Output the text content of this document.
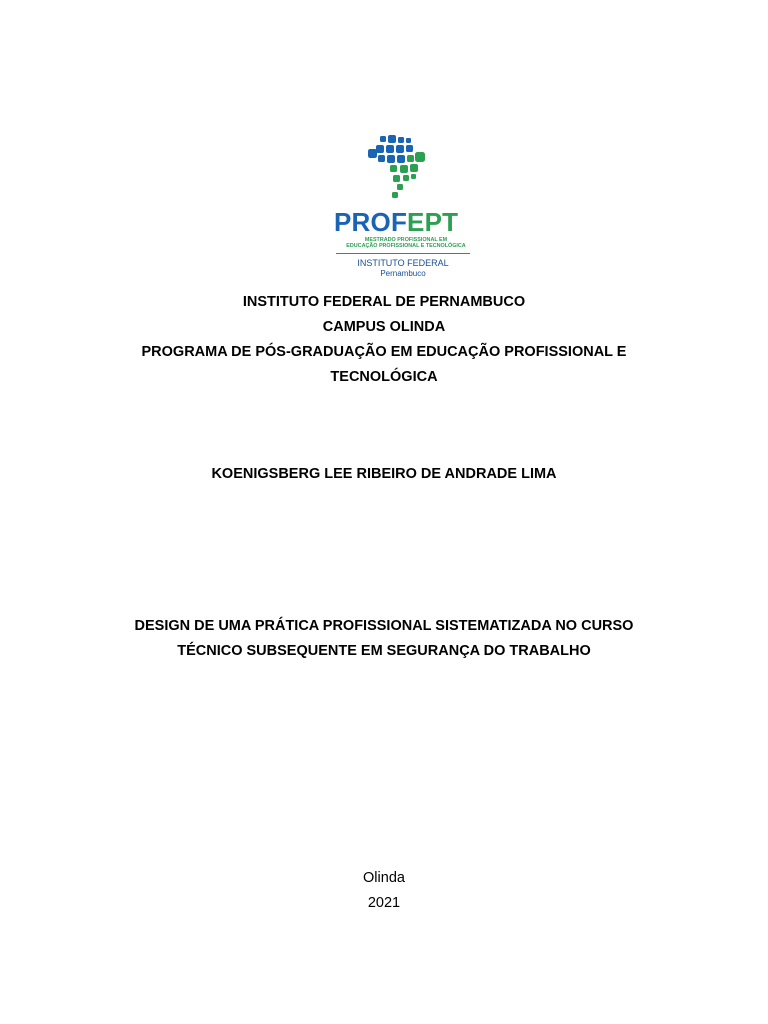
PROFEPT
MESTRADO PROFISSIONAL EM
EDUCAÇÃO PROFISSIONAL E TECNOLÓGICA
INSTITUTO FEDERAL
Pernambuco
INSTITUTO FEDERAL DE PERNAMBUCO
CAMPUS OLINDA
PROGRAMA DE PÓS-GRADUAÇÃO EM EDUCAÇÃO PROFISSIONAL E
TECNOLÓGICA
KOENIGSBERG LEE RIBEIRO DE ANDRADE LIMA
DESIGN DE UMA PRÁTICA PROFISSIONAL SISTEMATIZADA NO CURSO
TÉCNICO SUBSEQUENTE EM SEGURANÇA DO TRABALHO
Olinda
2021
